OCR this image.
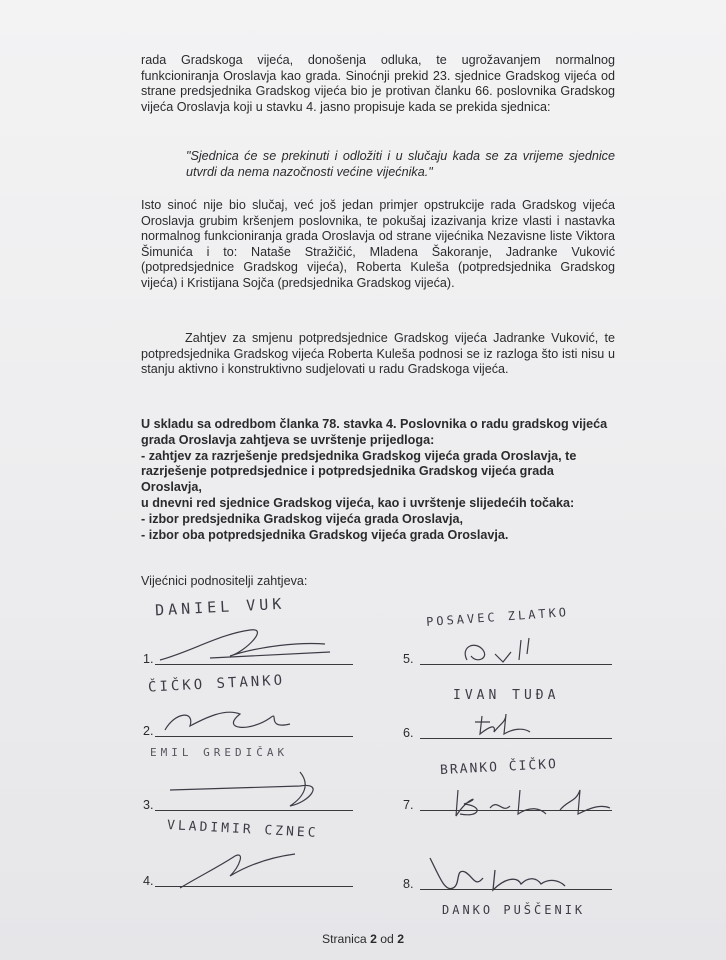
rada Gradskoga vijeća, donošenja odluka, te ugrožavanjem normalnog funkcioniranja Oroslavja kao grada. Sinoćnji prekid 23. sjednice Gradskog vijeća od strane predsjednika Gradskog vijeća bio je protivan članku 66. poslovnika Gradskog vijeća Oroslavja koji u stavku 4. jasno propisuje kada se prekida sjednica:
"Sjednica će se prekinuti i odložiti i u slučaju kada se za vrijeme sjednice utvrdi da nema nazočnosti većine vijećnika."
Isto sinoć nije bio slučaj, već još jedan primjer opstrukcije rada Gradskog vijeća Oroslavja grubim kršenjem poslovnika, te pokušaj izazivanja krize vlasti i nastavka normalnog funkcioniranja grada Oroslavja od strane vijećnika Nezavisne liste Viktora Šimunića i to: Nataše Stražičić, Mladena Šakoranje, Jadranke Vuković (potpredsjednice Gradskog vijeća), Roberta Kuleša (potpredsjednika Gradskog vijeća) i Kristijana Sojča (predsjednika Gradskog vijeća).
Zahtjev za smjenu potpredsjednice Gradskog vijeća Jadranke Vuković, te potpredsjednika Gradskog vijeća Roberta Kuleša podnosi se iz razloga što isti nisu u stanju aktivno i konstruktivno sudjelovati u radu Gradskoga vijeća.
U skladu sa odredbom članka 78. stavka 4. Poslovnika o radu gradskog vijeća grada Oroslavja zahtjeva se uvrštenje prijedloga:
- zahtjev za razrješenje predsjednika Gradskog vijeća grada Oroslavja, te razrješenje potpredsjednice i potpredsjednika Gradskog vijeća grada Oroslavja,
u dnevni red sjednice Gradskog vijeća, kao i uvrštenje slijedećih točaka:
- izbor predsjednika Gradskog vijeća grada Oroslavja,
- izbor oba potpredsjednika Gradskog vijeća grada Oroslavja.
Vijećnici podnositelji zahtjeva:
DANIEL VUK
1.
ČIČKO STANKO
2.
EMIL GREDIČAK
3.
VLADIMIR CZNEC
4.
POSAVEC ZLATKO
5.
IVAN TUĐA
6.
BRANKO ČIČKO
7.
8.
DANKO PUŠČENIK
Stranica 2 od 2
